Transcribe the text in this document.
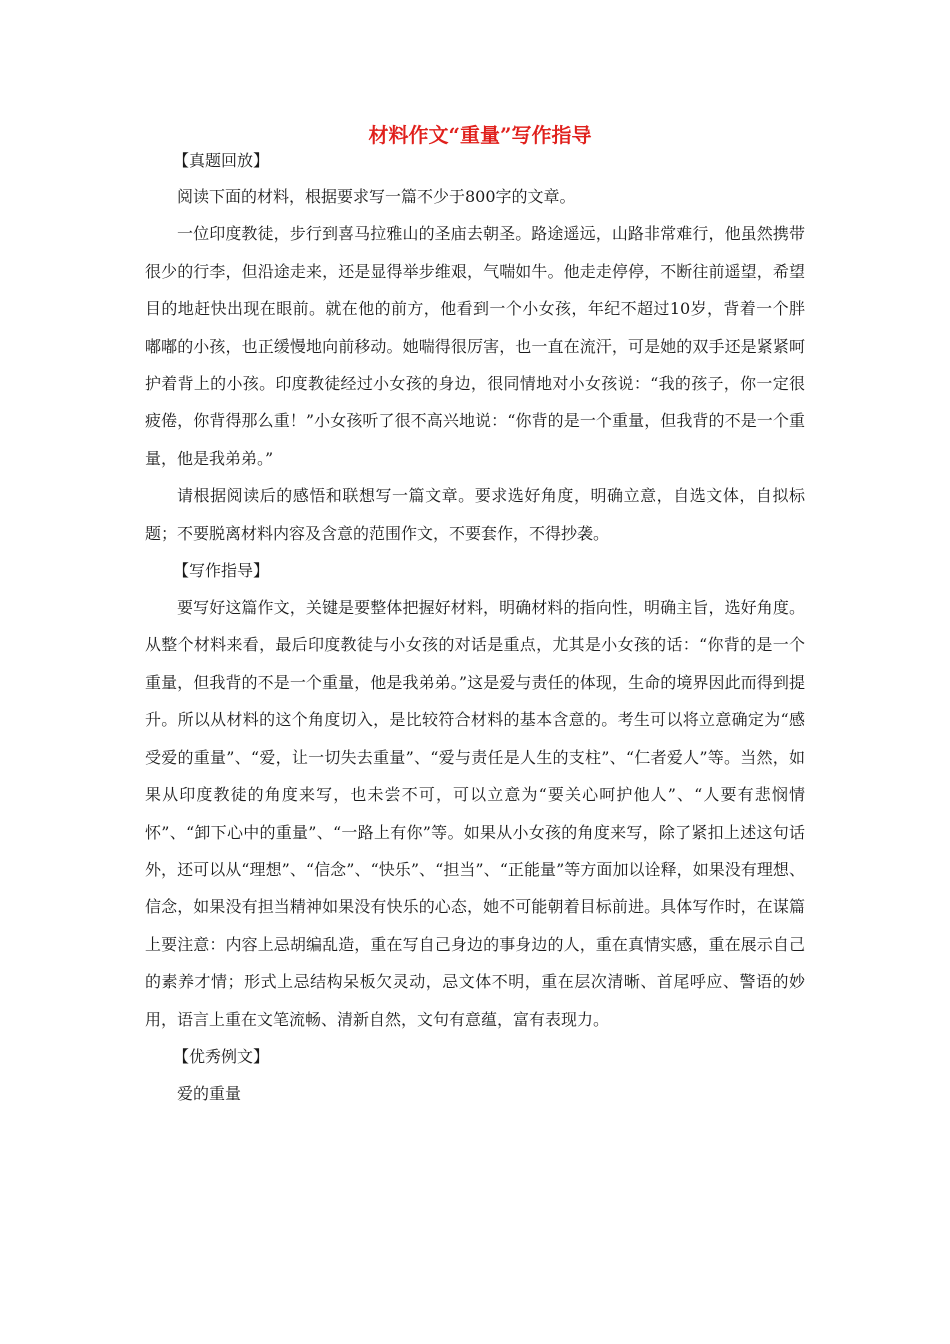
材料作文“重量”写作指导

【真题回放】

阅读下面的材料，根据要求写一篇不少于800字的文章。

一位印度教徒，步行到喜马拉雅山的圣庙去朝圣。路途遥远，山路非常难行，他虽然携带很少的行李，但沿途走来，还是显得举步维艰，气喘如牛。他走走停停，不断往前遥望，希望目的地赶快出现在眼前。就在他的前方，他看到一个小女孩，年纪不超过10岁，背着一个胖嘟嘟的小孩，也正缓慢地向前移动。她喘得很厉害，也一直在流汗，可是她的双手还是紧紧呵护着背上的小孩。印度教徒经过小女孩的身边，很同情地对小女孩说：“我的孩子，你一定很疲倦，你背得那么重！”小女孩听了很不高兴地说：“你背的是一个重量，但我背的不是一个重量，他是我弟弟。”

请根据阅读后的感悟和联想写一篇文章。要求选好角度，明确立意，自选文体，自拟标题；不要脱离材料内容及含意的范围作文，不要套作，不得抄袭。

【写作指导】

要写好这篇作文，关键是要整体把握好材料，明确材料的指向性，明确主旨，选好角度。从整个材料来看，最后印度教徒与小女孩的对话是重点，尤其是小女孩的话：“你背的是一个重量，但我背的不是一个重量，他是我弟弟。”这是爱与责任的体现，生命的境界因此而得到提升。所以从材料的这个角度切入，是比较符合材料的基本含意的。考生可以将立意确定为“感受爱的重量”、“爱，让一切失去重量”、“爱与责任是人生的支柱”、“仁者爱人”等。当然，如果从印度教徒的角度来写，也未尝不可，可以立意为“要关心呵护他人”、“人要有悲悯情怀”、“卸下心中的重量”、“一路上有你”等。如果从小女孩的角度来写，除了紧扣上述这句话外，还可以从“理想”、“信念”、“快乐”、“担当”、“正能量”等方面加以诠释，如果没有理想、信念，如果没有担当精神如果没有快乐的心态，她不可能朝着目标前进。具体写作时，在谋篇上要注意：内容上忌胡编乱造，重在写自己身边的事身边的人，重在真情实感，重在展示自己的素养才情；形式上忌结构呆板欠灵动，忌文体不明，重在层次清晰、首尾呼应、警语的妙用，语言上重在文笔流畅、清新自然，文句有意蕴，富有表现力。

【优秀例文】

爱的重量
